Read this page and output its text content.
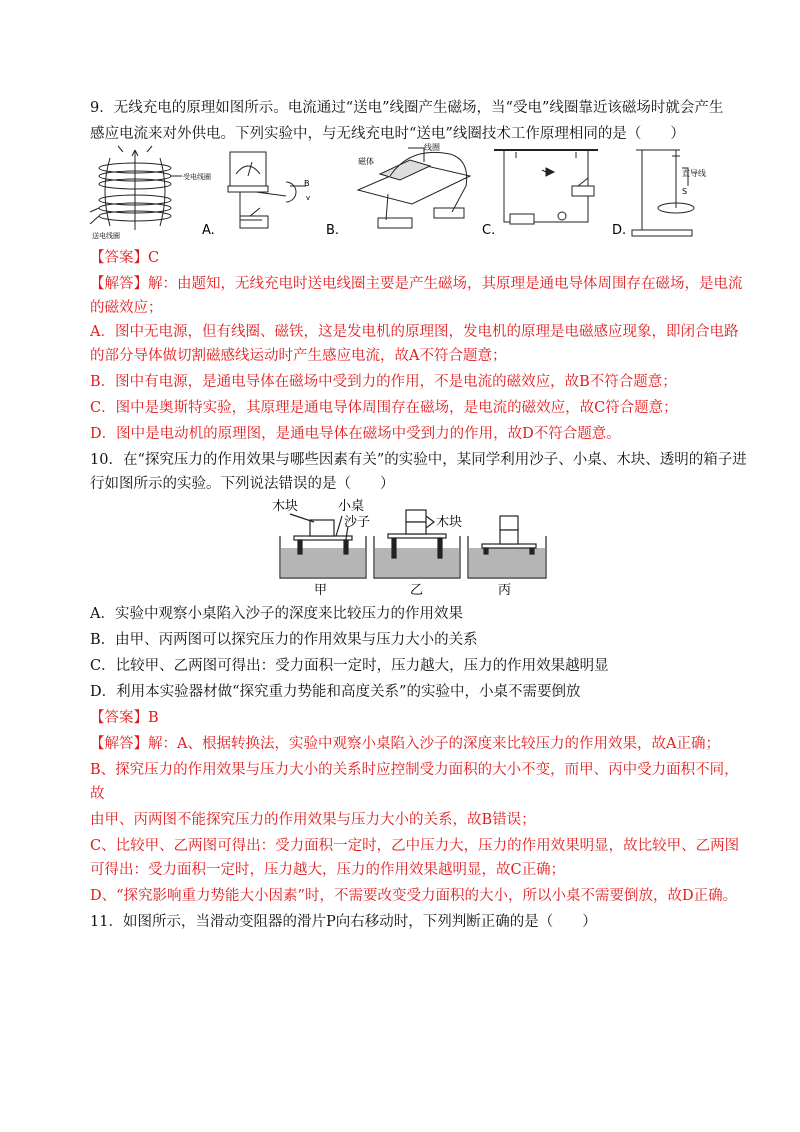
9．无线充电的原理如图所示。电流通过“送电”线圈产生磁场，当“受电”线圈靠近该磁场时就会产生
感应电流来对外供电。下列实验中，与无线充电时“送电”线圈技术工作原理相同的是（　　）
受电线圈
送电线圈
B
v
A.
磁体
线圈
B.	C.
S
直导线
D.
【答案】C
【解答】解：由题知，无线充电时送电线圈主要是产生磁场，其原理是通电导体周围存在磁场，是电流
的磁效应；
A．图中无电源，但有线圈、磁铁，这是发电机的原理图，发电机的原理是电磁感应现象，即闭合电路
的部分导体做切割磁感线运动时产生感应电流，故A不符合题意；
B．图中有电源，是通电导体在磁场中受到力的作用，不是电流的磁效应，故B不符合题意；
C．图中是奥斯特实验，其原理是通电导体周围存在磁场，是电流的磁效应，故C符合题意；
D．图中是电动机的原理图，是通电导体在磁场中受到力的作用，故D不符合题意。
10．在“探究压力的作用效果与哪些因素有关”的实验中，某同学利用沙子、小桌、木块、透明的箱子进
行如图所示的实验。下列说法错误的是（　　）
木块	小桌
沙子	木块
甲	乙	丙
A．实验中观察小桌陷入沙子的深度来比较压力的作用效果
B．由甲、丙两图可以探究压力的作用效果与压力大小的关系
C．比较甲、乙两图可得出：受力面积一定时，压力越大，压力的作用效果越明显
D．利用本实验器材做“探究重力势能和高度关系”的实验中，小桌不需要倒放
【答案】B
【解答】解：A、根据转换法，实验中观察小桌陷入沙子的深度来比较压力的作用效果，故A正确；
B、探究压力的作用效果与压力大小的关系时应控制受力面积的大小不变，而甲、丙中受力面积不同，
故
由甲、丙两图不能探究压力的作用效果与压力大小的关系，故B错误；
C、比较甲、乙两图可得出：受力面积一定时，乙中压力大，压力的作用效果明显，故比较甲、乙两图
可得出：受力面积一定时，压力越大，压力的作用效果越明显，故C正确；
D、“探究影响重力势能大小因素”时，不需要改变受力面积的大小，所以小桌不需要倒放，故D正确。
11．如图所示，当滑动变阻器的滑片P向右移动时，下列判断正确的是（　　）
